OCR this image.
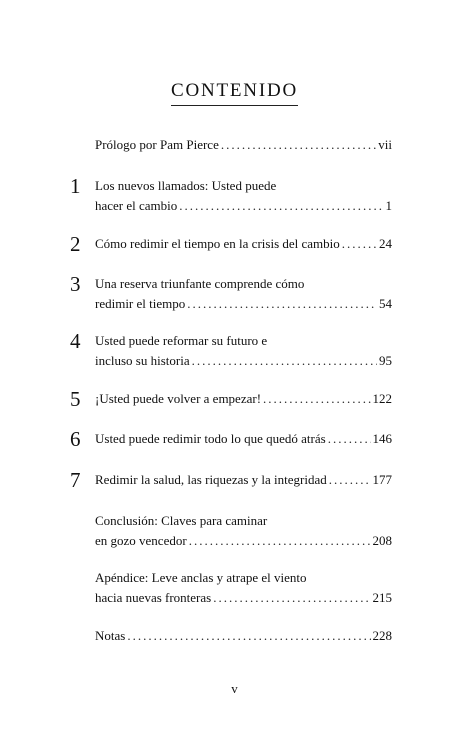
CONTENIDO
Prólogo por Pam Pierce .....	vii
1	Los nuevos llamados: Usted puede
hacer el cambio .....	1
2	Cómo redimir el tiempo en la crisis del cambio .....	24
3	Una reserva triunfante comprende cómo
redimir el tiempo .....	54
4	Usted puede reformar su futuro e
incluso su historia .....	95
5	¡Usted puede volver a empezar! .....	122
6	Usted puede redimir todo lo que quedó atrás .....	146
7	Redimir la salud, las riquezas y la integridad .....	177
Conclusión: Claves para caminar
en gozo vencedor .....	208
Apéndice: Leve anclas y atrape el viento
hacia nuevas fronteras .....	215
Notas .....	228
v
